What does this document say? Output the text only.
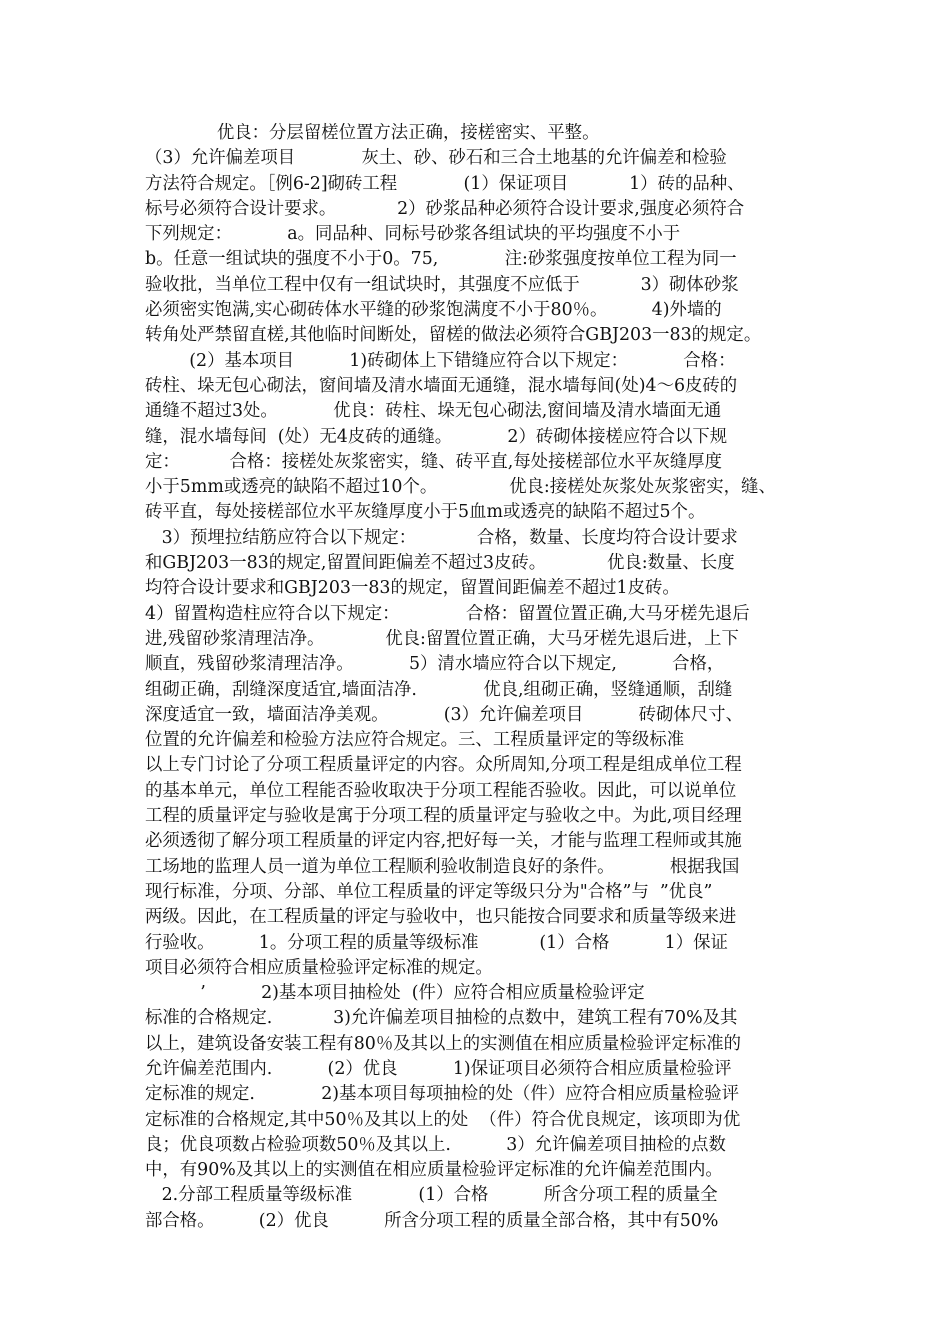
优良：分层留槎位置方法正确，接槎密实、平整。
（3）允许偏差项目            灰土、砂、砂石和三合土地基的允许偏差和检验
方法符合规定。［例6-2]砌砖工程            (1）保证项目           1）砖的品种、
标号必须符合设计要求。           2）砂浆品种必须符合设计要求,强度必须符合
下列规定：          a。同品种、同标号砂浆各组试块的平均强度不小于
b。任意一组试块的强度不小于0。75,            注:砂浆强度按单位工程为同一
验收批，当单位工程中仅有一组试块时，其强度不应低于           3）砌体砂浆
必须密实饱满,实心砌砖体水平缝的砂浆饱满度不小于80％。        4)外墙的
转角处严禁留直槎,其他临时间断处，留槎的做法必须符合GBJ203一83的规定。
(2）基本项目          1)砖砌体上下错缝应符合以下规定：          合格：
砖柱、垛无包心砌法，窗间墙及清水墙面无通缝，混水墙每间(处)4～6皮砖的
通缝不超过3处。          优良：砖柱、垛无包心砌法,窗间墙及清水墙面无通
缝，混水墙每间  (处）无4皮砖的通缝。          2）砖砌体接槎应符合以下规
定：         合格：接槎处灰浆密实，缝、砖平直,每处接槎部位水平灰缝厚度
小于5mm或透亮的缺陷不超过10个。             优良:接槎处灰浆处灰浆密实，缝、
砖平直，每处接槎部位水平灰缝厚度小于5血m或透亮的缺陷不超过5个。
3）预埋拉结筋应符合以下规定：           合格，数量、长度均符合设计要求
和GBJ203一83的规定,留置间距偏差不超过3皮砖。           优良:数量、长度
均符合设计要求和GBJ203一83的规定，留置间距偏差不超过1皮砖。
4）留置构造柱应符合以下规定：            合格：留置位置正确,大马牙槎先退后
进,残留砂浆清理洁净。           优良:留置位置正确，大马牙槎先退后进，上下
顺直，残留砂浆清理洁净。          5）清水墙应符合以下规定,          合格，
组砌正确，刮缝深度适宜,墙面洁净.            优良,组砌正确，竖缝通顺，刮缝
深度适宜一致，墙面洁净美观。          (3）允许偏差项目          砖砌体尺寸、
位置的允许偏差和检验方法应符合规定。三、工程质量评定的等级标准
以上专门讨论了分项工程质量评定的内容。众所周知,分项工程是组成单位工程
的基本单元，单位工程能否验收取决于分项工程能否验收。因此，可以说单位
工程的质量评定与验收是寓于分项工程的质量评定与验收之中。为此,项目经理
必须透彻了解分项工程质量的评定内容,把好每一关，才能与监理工程师或其施
工场地的监理人员一道为单位工程顺利验收制造良好的条件。          根据我国
现行标准，分项、分部、单位工程质量的评定等级只分为"合格”与  ”优良”
两级。因此，在工程质量的评定与验收中，也只能按合同要求和质量等级来进
行验收。        1。分项工程的质量等级标准           (1）合格          1）保证
项目必须符合相应质量检验评定标准的规定。
’          2)基本项目抽检处  (件）应符合相应质量检验评定
标准的合格规定.           3)允许偏差项目抽检的点数中，建筑工程有70%及其
以上，建筑设备安装工程有80％及其以上的实测值在相应质量检验评定标准的
允许偏差范围内.          (2）优良          1)保证项目必须符合相应质量检验评
定标准的规定.            2)基本项目每项抽检的处（件）应符合相应质量检验评
定标准的合格规定,其中50％及其以上的处  （件）符合优良规定，该项即为优
良；优良项数占检验项数50％及其以上.          3）允许偏差项目抽检的点数
中，有90%及其以上的实测值在相应质量检验评定标准的允许偏差范围内。
2.分部工程质量等级标准            (1）合格          所含分项工程的质量全
部合格。        (2）优良          所含分项工程的质量全部合格，其中有50%
